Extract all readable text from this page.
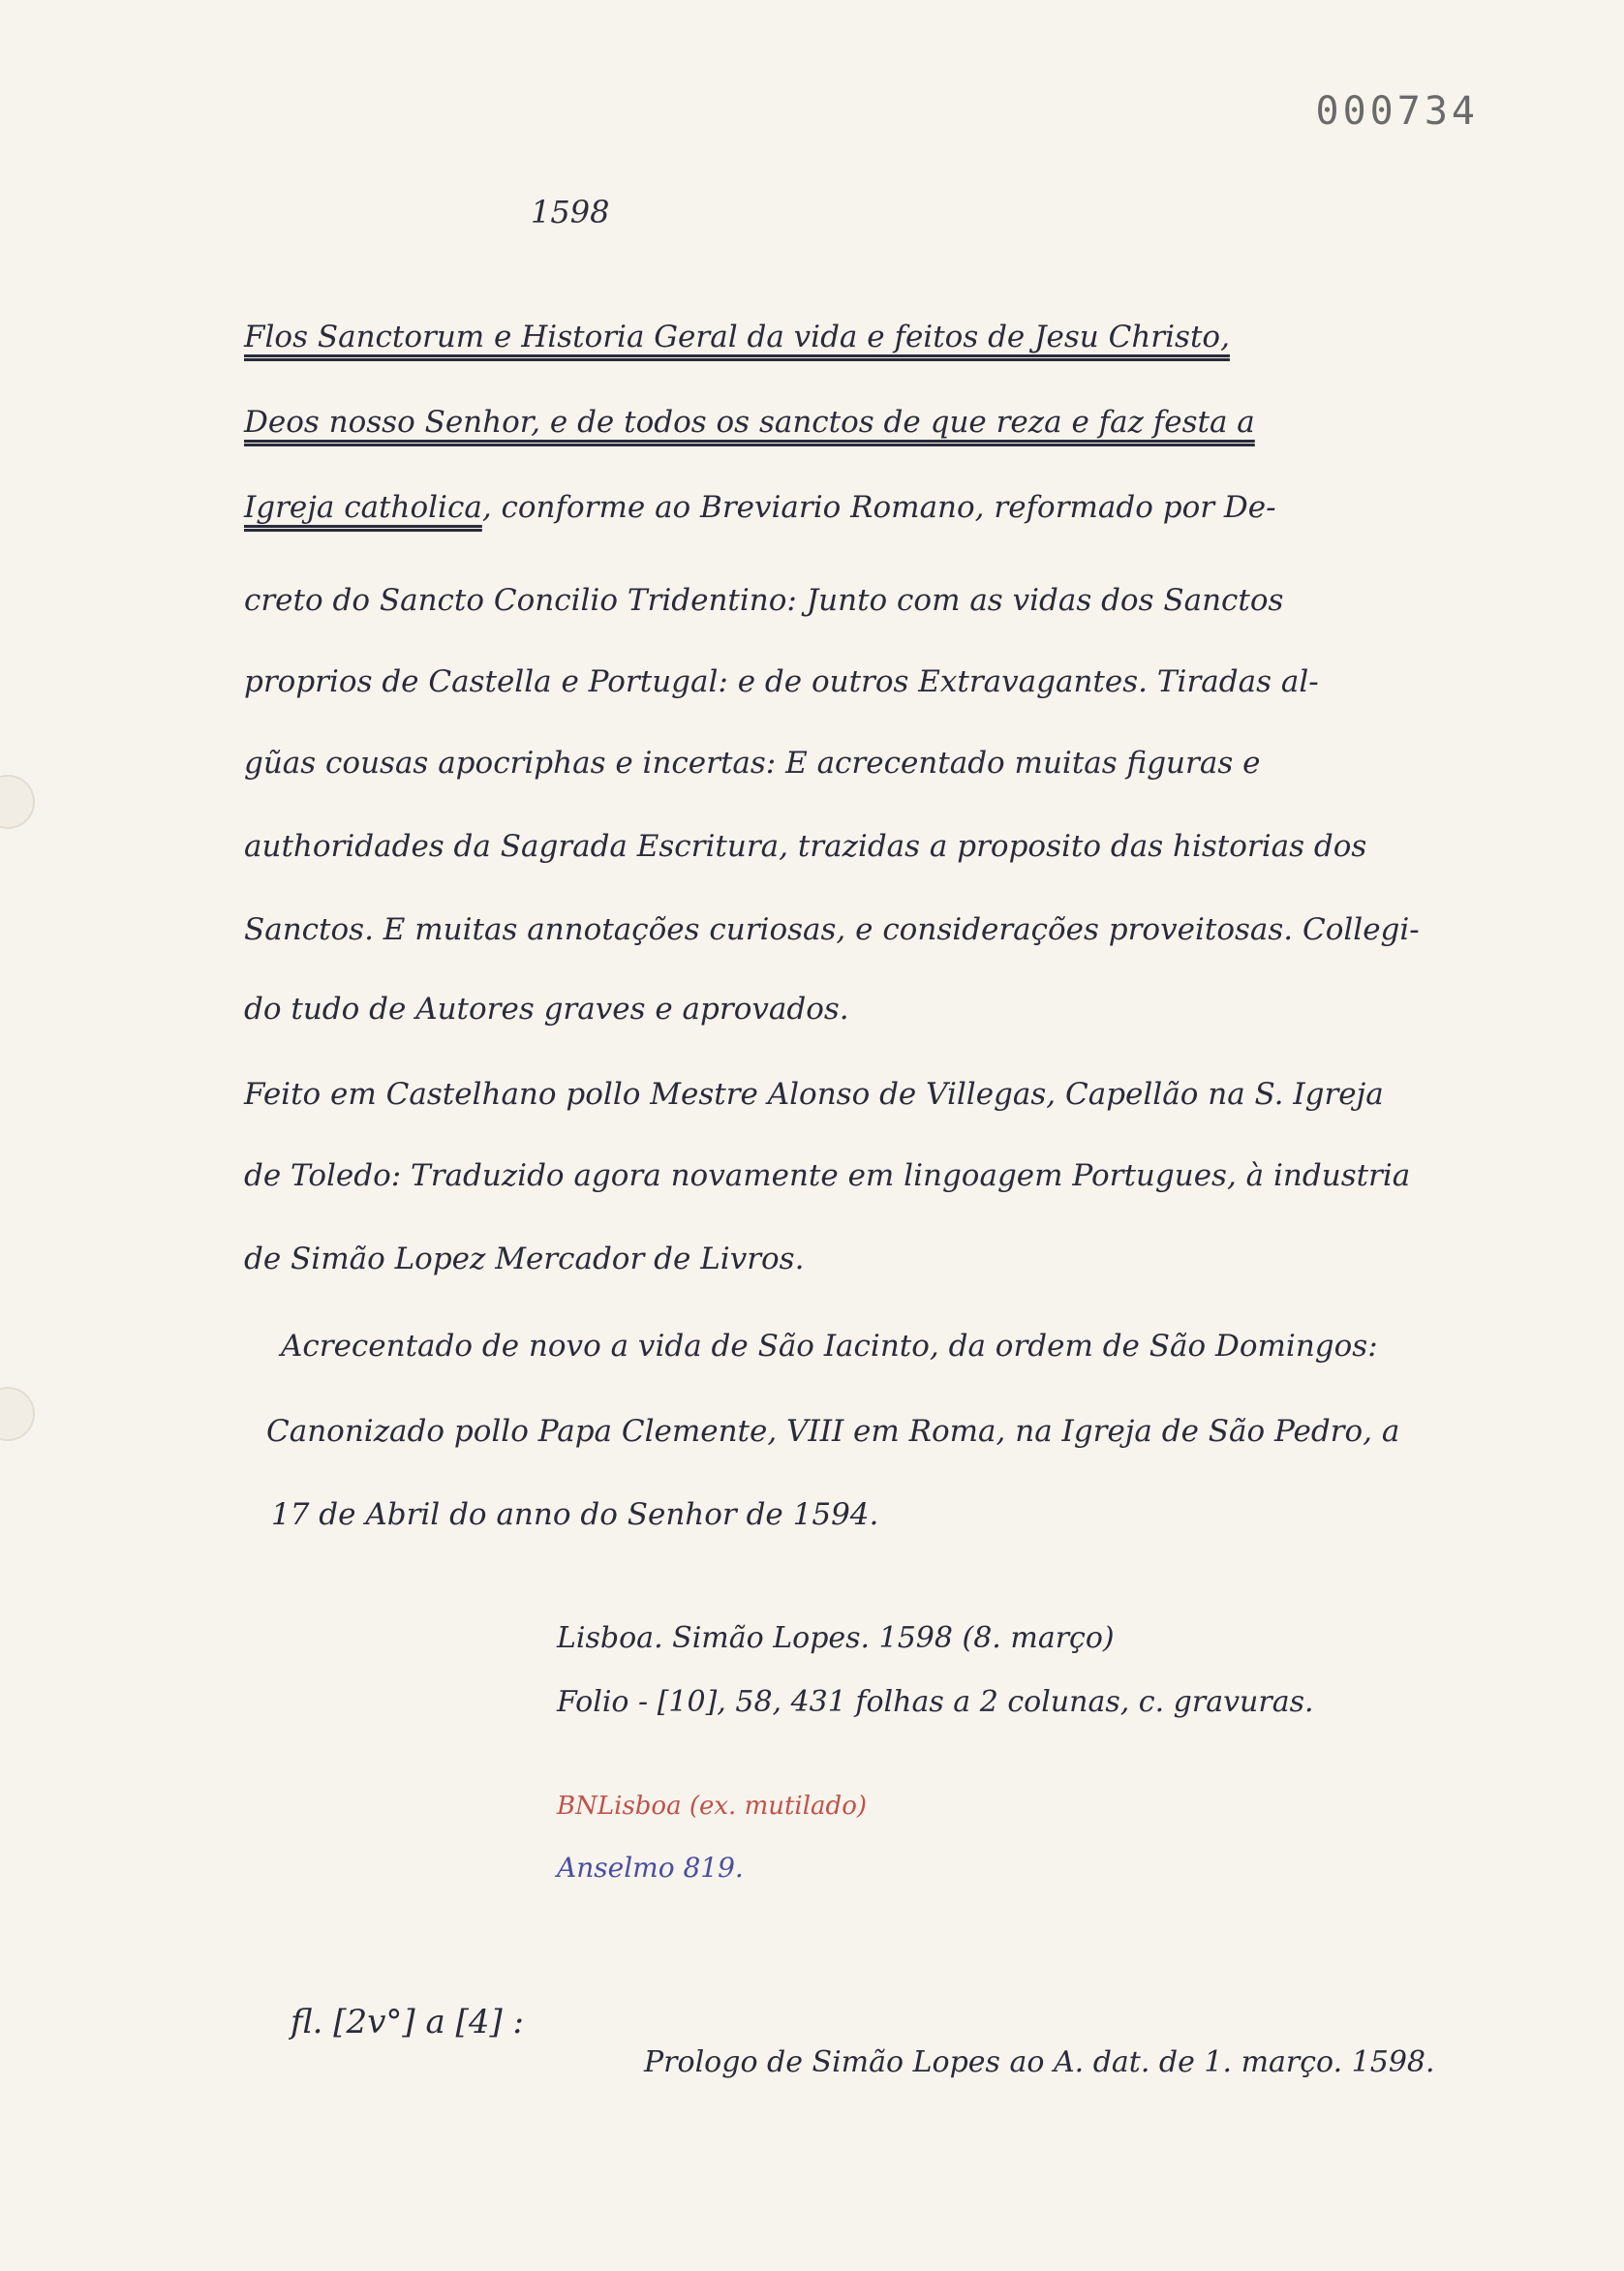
000734
1598
Flos Sanctorum e Historia Geral da vida e feitos de Jesu Christo,
Deos nosso Senhor, e de todos os sanctos de que reza e faz festa a
Igreja catholica, conforme ao Breviario Romano, reformado por De-
creto do Sancto Concilio Tridentino: Junto com as vidas dos Sanctos
proprios de Castella e Portugal: e de outros Extravagantes. Tiradas al-
gũas cousas apocriphas e incertas: E acrecentado muitas figuras e
authoridades da Sagrada Escritura, trazidas a proposito das historias dos
Sanctos. E muitas annotações curiosas, e considerações proveitosas. Collegi-
do tudo de Autores graves e aprovados.
Feito em Castelhano pollo Mestre Alonso de Villegas, Capellão na S. Igreja
de Toledo: Traduzido agora novamente em lingoagem Portugues, à industria
de Simão Lopez Mercador de Livros.
Acrecentado de novo a vida de São Iacinto, da ordem de São Domingos:
Canonizado pollo Papa Clemente, VIII em Roma, na Igreja de São Pedro, a
17 de Abril do anno do Senhor de 1594.
Lisboa. Simão Lopes. 1598 (8. março)
Folio - [10], 58, 431 folhas a 2 colunas, c. gravuras.
BNLisboa (ex. mutilado)
Anselmo 819.
fl. [2v°] a [4] :
Prologo de Simão Lopes ao A. dat. de 1. março. 1598.
